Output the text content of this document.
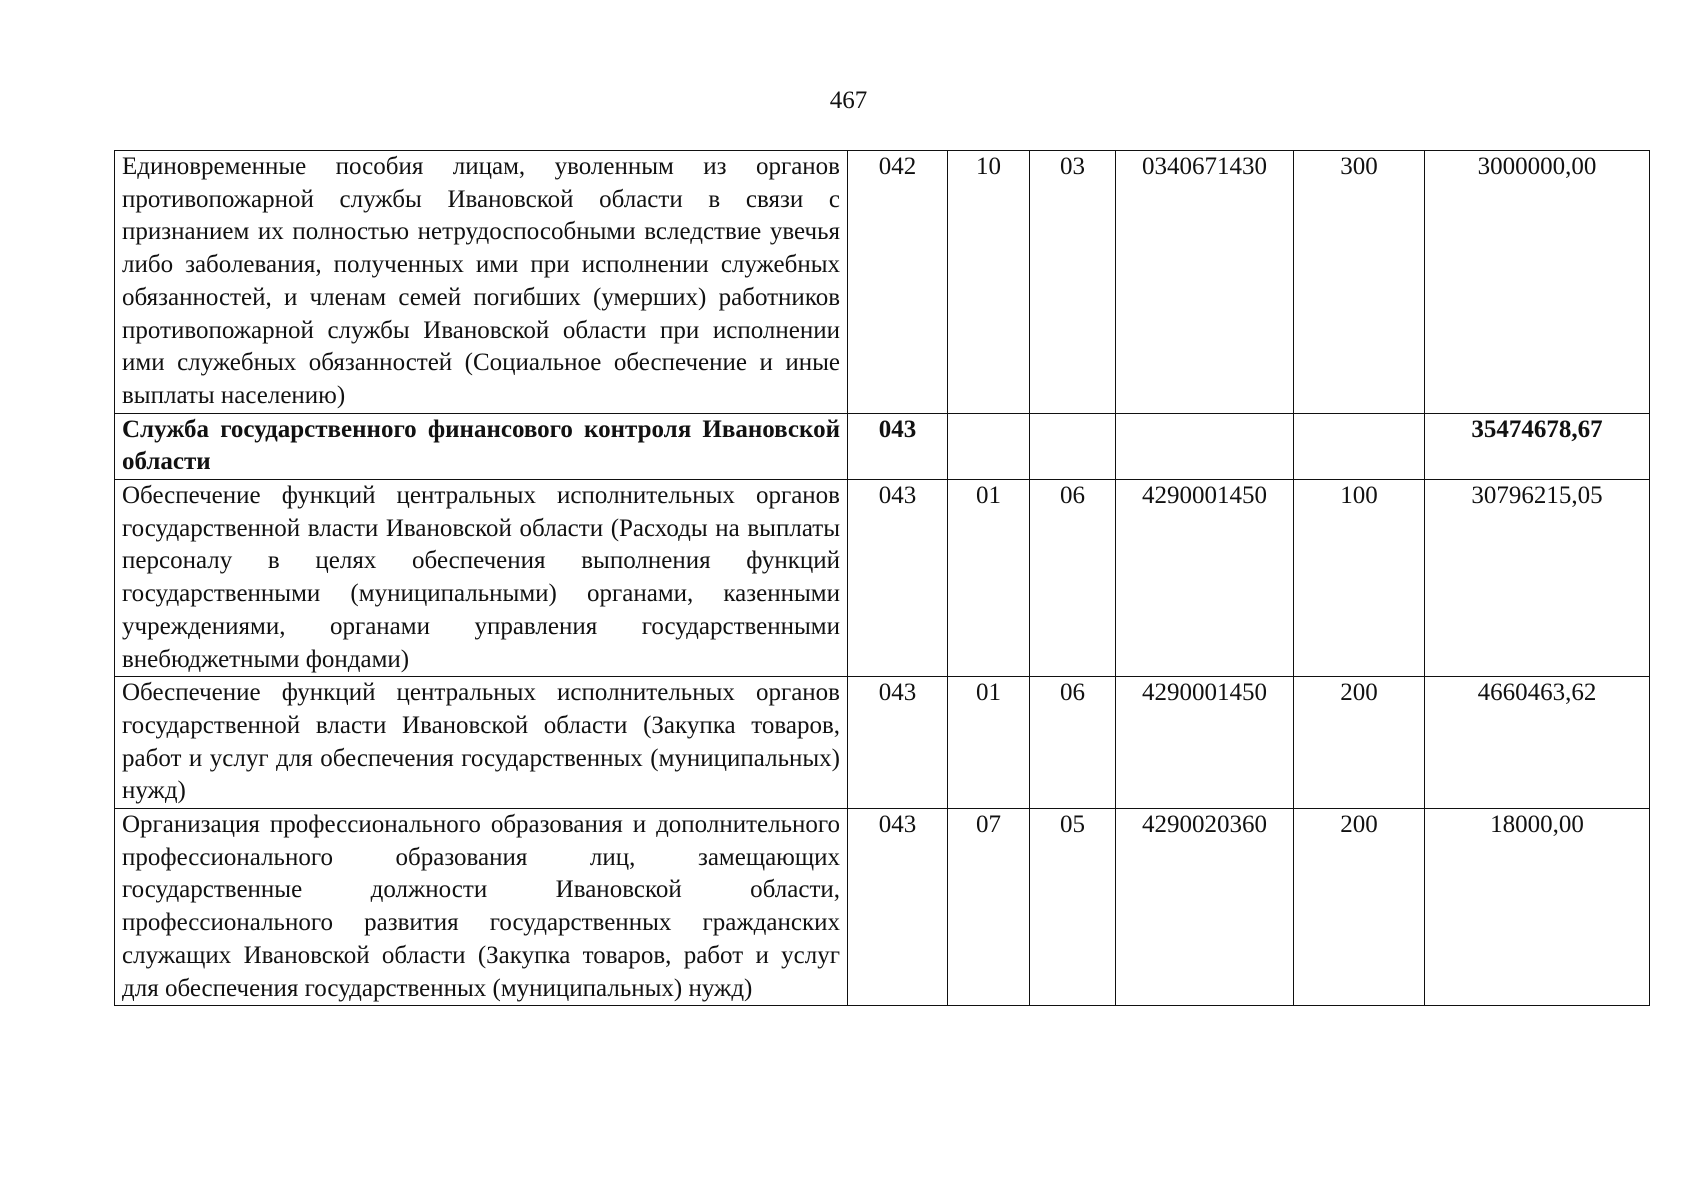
467
Единовременные пособия лицам, уволенным из органов противопожарной службы Ивановской области в связи с признанием их полностью нетрудоспособными вследствие увечья либо заболевания, полученных ими при исполнении служебных обязанностей, и членам семей погибших (умерших) работников противопожарной службы Ивановской области при исполнении ими служебных обязанностей (Социальное обеспечение и иные выплаты населению)	042	10	03	0340671430	300	3000000,00
Служба государственного финансового контроля Ивановской области	043					35474678,67
Обеспечение функций центральных исполнительных органов государственной власти Ивановской области (Расходы на выплаты персоналу в целях обеспечения выполнения функций государственными (муниципальными) органами, казенными учреждениями, органами управления государственными внебюджетными фондами)	043	01	06	4290001450	100	30796215,05
Обеспечение функций центральных исполнительных органов государственной власти Ивановской области (Закупка товаров, работ и услуг для обеспечения государственных (муниципальных) нужд)	043	01	06	4290001450	200	4660463,62
Организация профессионального образования и дополнительного профессионального образования лиц, замещающих государственные должности Ивановской области, профессионального развития государственных гражданских служащих Ивановской области (Закупка товаров, работ и услуг для обеспечения государственных (муниципальных) нужд)	043	07	05	4290020360	200	18000,00
